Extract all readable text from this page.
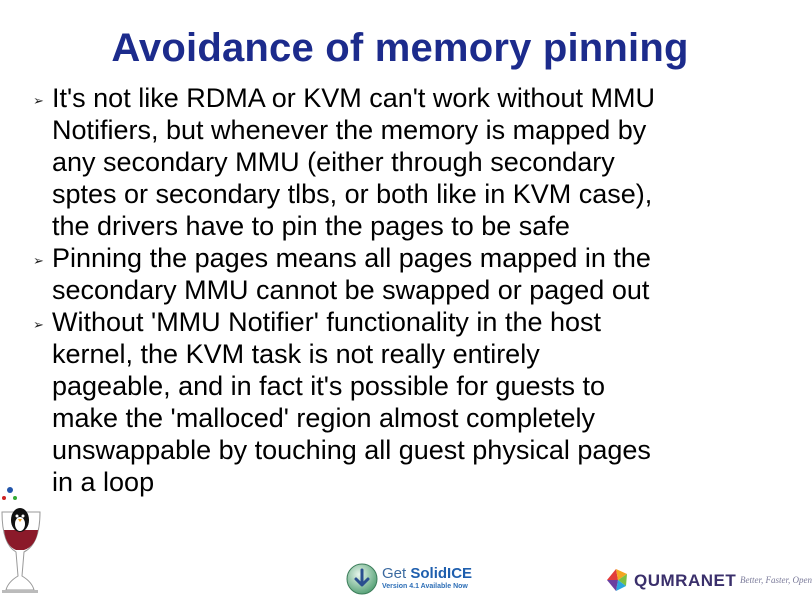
Avoidance of memory pinning
➢ It's not like RDMA or KVM can't work without MMU
Notifiers, but whenever the memory is mapped by
any secondary MMU (either through secondary
sptes or secondary tlbs, or both like in KVM case),
the drivers have to pin the pages to be safe
➢ Pinning the pages means all pages mapped in the
secondary MMU cannot be swapped or paged out
➢ Without 'MMU Notifier' functionality in the host
kernel, the KVM task is not really entirely
pageable, and in fact it's possible for guests to
make the 'malloced' region almost completely
unswappable by touching all guest physical pages
in a loop
Get SolidICE
Version 4.1 Available Now	QUMRANET Better, Faster, Open
